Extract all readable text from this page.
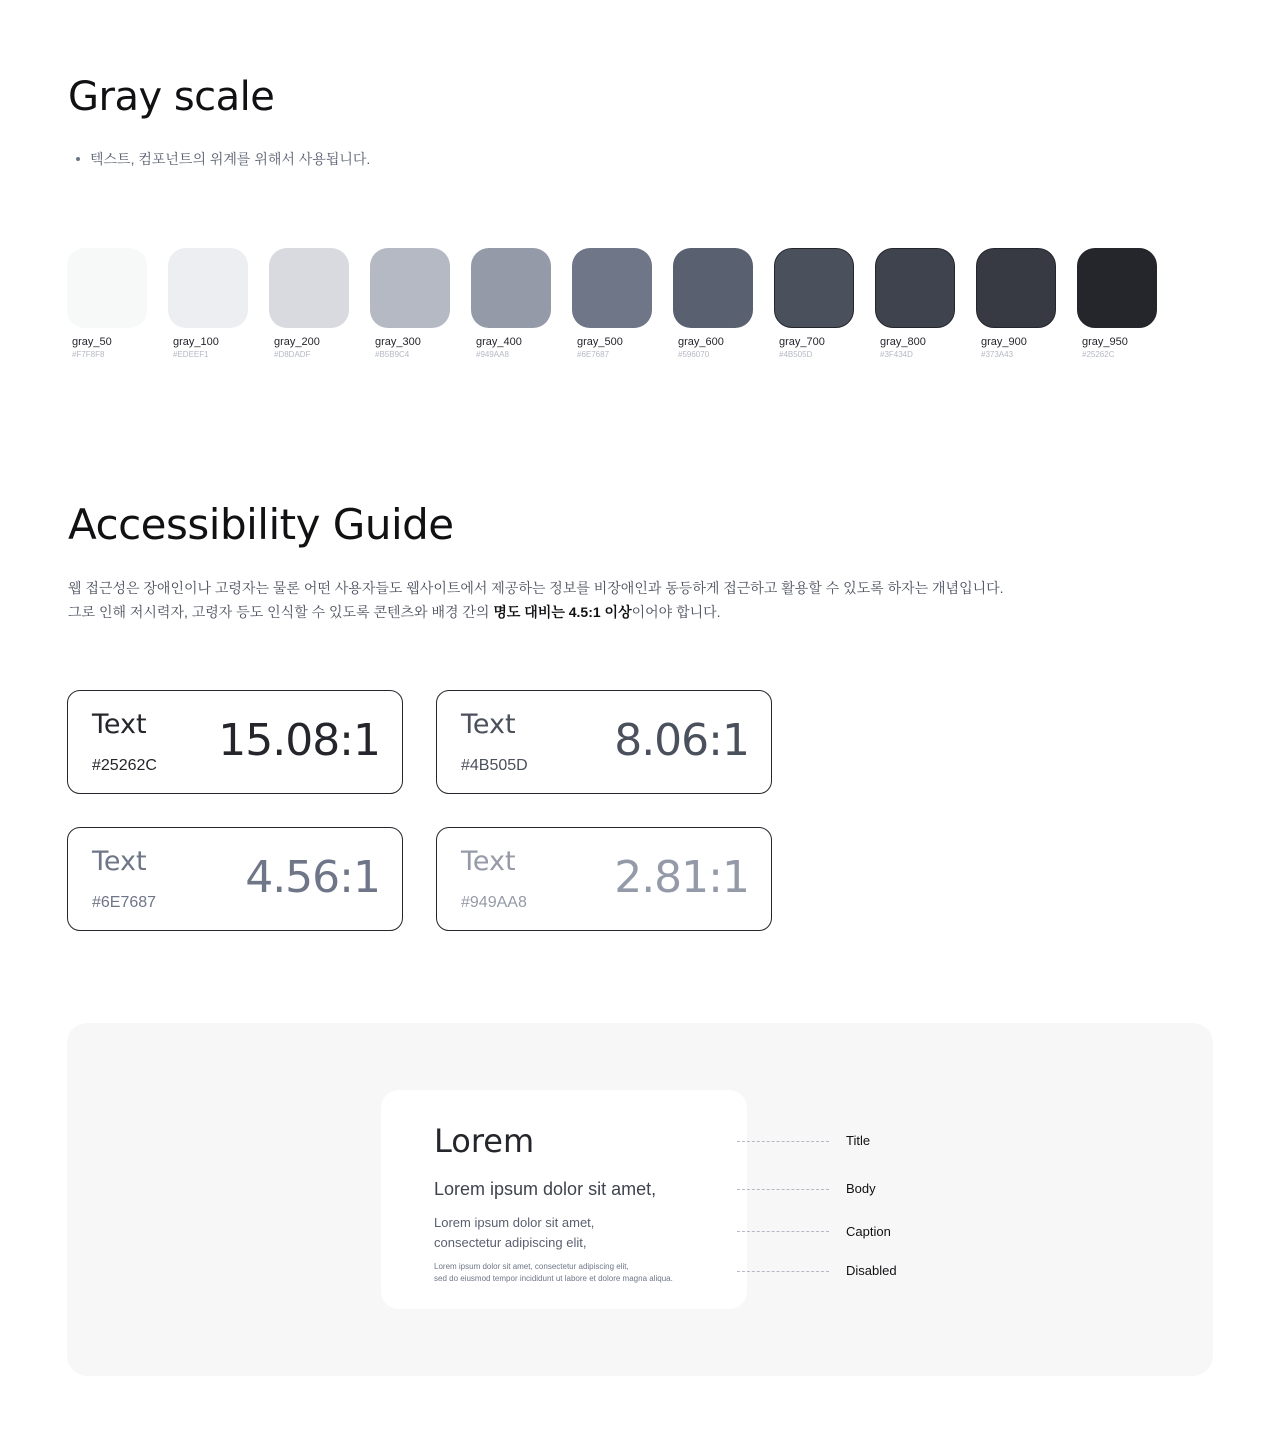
Gray scale
텍스트, 컴포넌트의 위계를 위해서 사용됩니다.
gray_50
#F7F8F8
gray_100
#EDEEF1
gray_200
#D8DADF
gray_300
#B5B9C4
gray_400
#949AA8
gray_500
#6E7687
gray_600
#596070
gray_700
#4B505D
gray_800
#3F434D
gray_900
#373A43
gray_950
#25262C
Accessibility Guide
웹 접근성은 장애인이나 고령자는 물론 어떤 사용자들도 웹사이트에서 제공하는 정보를 비장애인과 동등하게 접근하고 활용할 수 있도록 하자는 개념입니다.
그로 인해 저시력자, 고령자 등도 인식할 수 있도록 콘텐츠와 배경 간의 명도 대비는 4.5:1 이상이어야 합니다.
Text
#25262C 15.08:1	Text
#4B505D 8.06:1
Text
#6E7687 4.56:1	Text
#949AA8 2.81:1
Lorem
Lorem ipsum dolor sit amet,
Lorem ipsum dolor sit amet,
consectetur adipiscing elit,
Lorem ipsum dolor sit amet, consectetur adipiscing elit,
sed do eiusmod tempor incididunt ut labore et dolore magna aliqua.
Title
Body
Caption
Disabled
